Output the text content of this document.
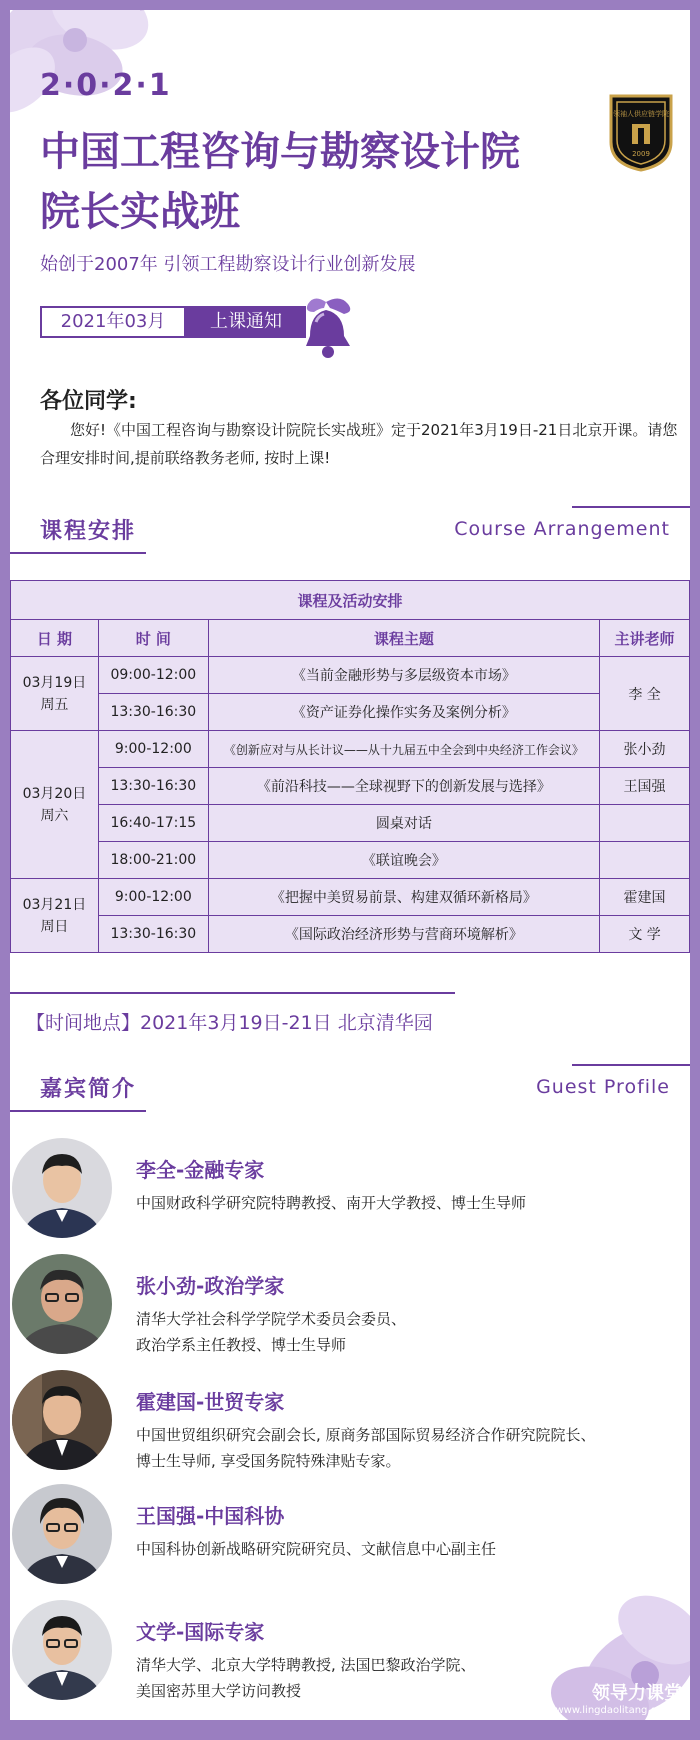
2·0·2·1
中国工程咨询与勘察设计院
院长实战班
领袖人供应链学院
2009
始创于2007年 引领工程勘察设计行业创新发展
2021年03月	上课通知
各位同学:
您好!《中国工程咨询与勘察设计院院长实战班》定于2021年3月19日-21日北京开课。请您合理安排时间,提前联络教务老师, 按时上课!
课程安排	Course Arrangement
课程及活动安排			
日 期	时 间	课程主题	主讲老师

03月19日
周五	09:00-12:00	《当前金融形势与多层级资本市场》	李 全
	13:30-16:30	《资产证券化操作实务及案例分析》	

03月20日
周六	9:00-12:00	《创新应对与从长计议——从十九届五中全会到中央经济工作会议》	张小劲
	13:30-16:30	《前沿科技——全球视野下的创新发展与选择》	王国强
	16:40-17:15	圆桌对话	
	18:00-21:00	《联谊晚会》	

03月21日
周日	9:00-12:00	《把握中美贸易前景、构建双循环新格局》	霍建国
	13:30-16:30	《国际政治经济形势与营商环境解析》	文 学
【时间地点】2021年3月19日-21日 北京清华园
嘉宾简介	Guest Profile
李全-金融专家
中国财政科学研究院特聘教授、南开大学教授、博士生导师
张小劲-政治学家
清华大学社会科学学院学术委员会委员、
政治学系主任教授、博士生导师
霍建国-世贸专家
中国世贸组织研究会副会长, 原商务部国际贸易经济合作研究院院长、
博士生导师, 享受国务院特殊津贴专家。
王国强-中国科协
中国科协创新战略研究院研究员、文献信息中心副主任
文学-国际专家
清华大学、北京大学特聘教授, 法国巴黎政治学院、
美国密苏里大学访问教授	领导力课堂
www.lingdaolitang.org.cn
